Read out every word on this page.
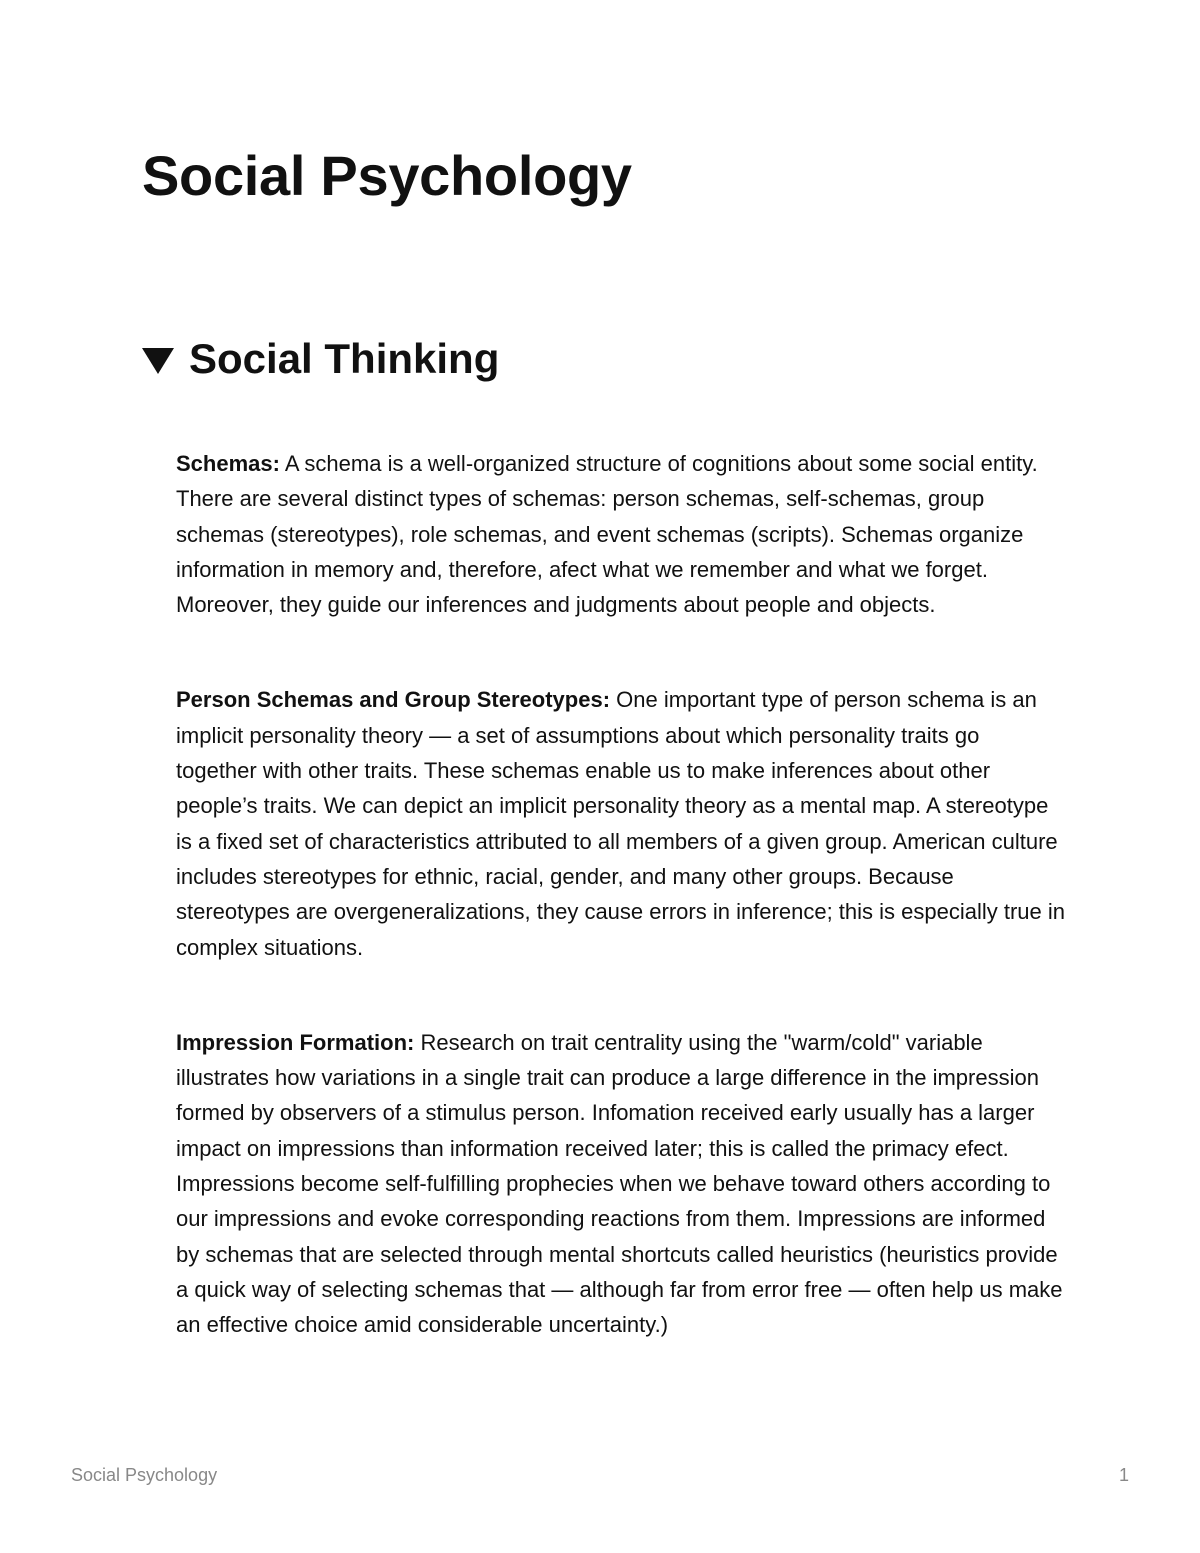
Social Psychology
Social Thinking

Schemas: A schema is a well-organized structure of cognitions about some social entity. There are several distinct types of schemas: person schemas, self-schemas, group schemas (stereotypes), role schemas, and event schemas (scripts). Schemas organize information in memory and, therefore, afect what we remember and what we forget. Moreover, they guide our inferences and judgments about people and objects.

Person Schemas and Group Stereotypes: One important type of person schema is an implicit personality theory — a set of assumptions about which personality traits go together with other traits. These schemas enable us to make inferences about other people’s traits. We can depict an implicit personality theory as a mental map. A stereotype is a fixed set of characteristics attributed to all members of a given group. American culture includes stereotypes for ethnic, racial, gender, and many other groups. Because stereotypes are overgeneralizations, they cause errors in inference; this is especially true in complex situations.

Impression Formation: Research on trait centrality using the "warm/cold" variable illustrates how variations in a single trait can produce a large difference in the impression formed by observers of a stimulus person. Infomation received early usually has a larger impact on impressions than information received later; this is called the primacy efect. Impressions become self-fulfilling prophecies when we behave toward others according to our impressions and evoke corresponding reactions from them. Impressions are informed by schemas that are selected through mental shortcuts called heuristics (heuristics provide a quick way of selecting schemas that — although far from error free — often help us make an effective choice amid considerable uncertainty.)

Social Psychology	1
